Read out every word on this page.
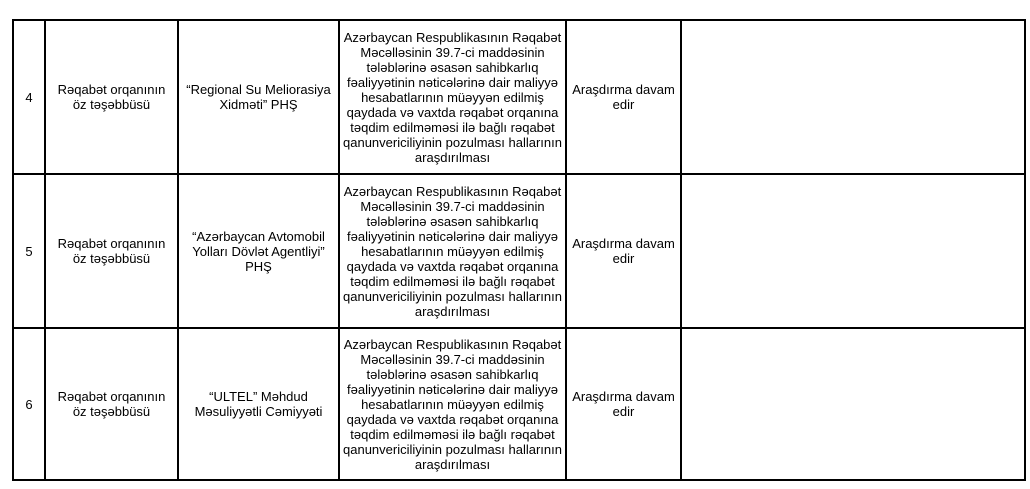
4	Rəqabət orqanının öz təşəbbüsü	“Regional Su Meliorasiya Xidməti” PHŞ	Azərbaycan Respublikasının Rəqabət Məcəlləsinin 39.7-ci maddəsinin tələblərinə əsasən sahibkarlıq fəaliyyətinin nəticələrinə dair maliyyə hesabatlarının müəyyən edilmiş qaydada və vaxtda rəqabət orqanına təqdim edilməməsi ilə bağlı rəqabət qanunvericiliyinin pozulması hallarının araşdırılması	Araşdırma davam edir	
5	Rəqabət orqanının öz təşəbbüsü	“Azərbaycan Avtomobil Yolları Dövlət Agentliyi” PHŞ	Azərbaycan Respublikasının Rəqabət Məcəlləsinin 39.7-ci maddəsinin tələblərinə əsasən sahibkarlıq fəaliyyətinin nəticələrinə dair maliyyə hesabatlarının müəyyən edilmiş qaydada və vaxtda rəqabət orqanına təqdim edilməməsi ilə bağlı rəqabət qanunvericiliyinin pozulması hallarının araşdırılması	Araşdırma davam edir	
6	Rəqabət orqanının öz təşəbbüsü	“ULTEL” Məhdud Məsuliyyətli Cəmiyyəti	Azərbaycan Respublikasının Rəqabət Məcəlləsinin 39.7-ci maddəsinin tələblərinə əsasən sahibkarlıq fəaliyyətinin nəticələrinə dair maliyyə hesabatlarının müəyyən edilmiş qaydada və vaxtda rəqabət orqanına təqdim edilməməsi ilə bağlı rəqabət qanunvericiliyinin pozulması hallarının araşdırılması	Araşdırma davam edir	
